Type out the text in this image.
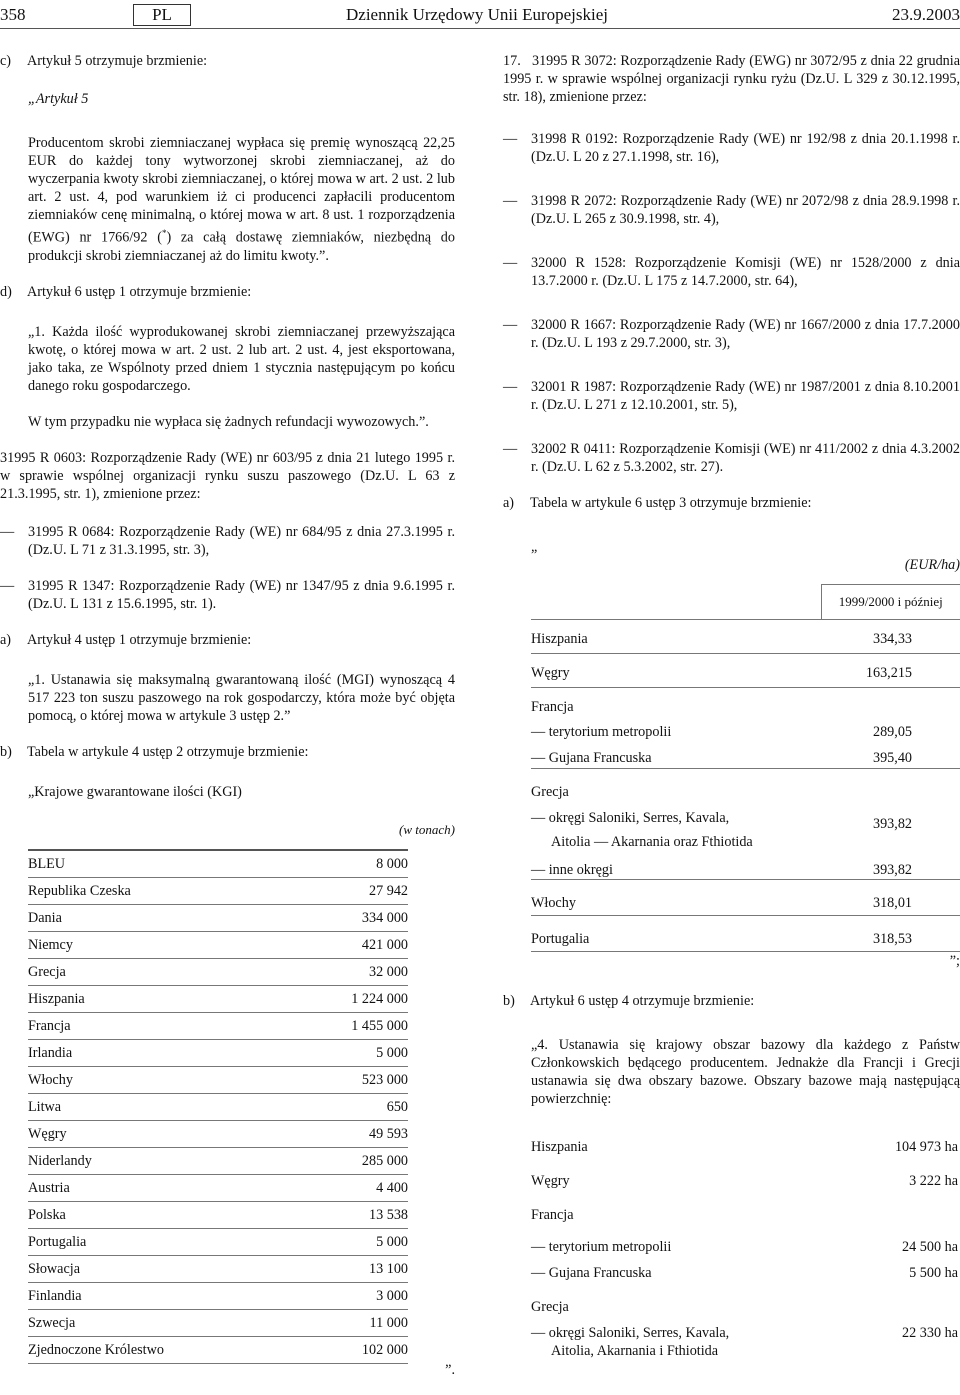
358	PL	Dziennik Urzędowy Unii Europejskiej	23.9.2003

c) Artykuł 5 otrzymuje brzmienie:

„Artykuł 5

Producentom skrobi ziemniaczanej wypłaca się premię wynoszącą 22,25 EUR do każdej tony wytworzonej skrobi ziemniaczanej, aż do wyczerpania kwoty skrobi ziemniaczanej, o której mowa w art. 2 ust. 2 lub art. 2 ust. 4, pod warunkiem iż ci producenci zapłacili producentom ziemniaków cenę minimalną, o której mowa w art. 8 ust. 1 rozporządzenia (EWG) nr 1766/92 (*) za całą dostawę ziemniaków, niezbędną do produkcji skrobi ziemniaczanej aż do limitu kwoty.”.

d) Artykuł 6 ustęp 1 otrzymuje brzmienie:

„1. Każda ilość wyprodukowanej skrobi ziemniaczanej przewyższająca kwotę, o której mowa w art. 2 ust. 2 lub art. 2 ust. 4, jest eksportowana, jako taka, ze Wspólnoty przed dniem 1 stycznia następującym po końcu danego roku gospodarczego.

W tym przypadku nie wypłaca się żadnych refundacji wywozowych.”.

31995 R 0603: Rozporządzenie Rady (WE) nr 603/95 z dnia 21 lutego 1995 r. w sprawie wspólnej organizacji rynku suszu paszowego (Dz.U. L 63 z 21.3.1995, str. 1), zmienione przez:

— 31995 R 0684: Rozporządzenie Rady (WE) nr 684/95 z dnia 27.3.1995 r. (Dz.U. L 71 z 31.3.1995, str. 3),
— 31995 R 1347: Rozporządzenie Rady (WE) nr 1347/95 z dnia 9.6.1995 r. (Dz.U. L 131 z 15.6.1995, str. 1).

a) Artykuł 4 ustęp 1 otrzymuje brzmienie:

„1. Ustanawia się maksymalną gwarantowaną ilość (MGI) wynoszącą 4 517 223 ton suszu paszowego na rok gospodarczy, która może być objęta pomocą, o której mowa w artykule 3 ustęp 2.”

b) Tabela w artykule 4 ustęp 2 otrzymuje brzmienie:

„Krajowe gwarantowane ilości (KGI)

(w tonach)

BLEU	8 000
Republika Czeska	27 942
Dania	334 000
Niemcy	421 000
Grecja	32 000
Hiszpania	1 224 000
Francja	1 455 000
Irlandia	5 000
Włochy	523 000
Litwa	650
Węgry	49 593
Niderlandy	285 000
Austria	4 400
Polska	13 538
Portugalia	5 000
Słowacja	13 100
Finlandia	3 000
Szwecja	11 000
Zjednoczone Królestwo	102 000

”.

17. 31995 R 3072: Rozporządzenie Rady (EWG) nr 3072/95 z dnia 22 grudnia 1995 r. w sprawie wspólnej organizacji rynku ryżu (Dz.U. L 329 z 30.12.1995, str. 18), zmienione przez:

— 31998 R 0192: Rozporządzenie Rady (WE) nr 192/98 z dnia 20.1.1998 r. (Dz.U. L 20 z 27.1.1998, str. 16),
— 31998 R 2072: Rozporządzenie Rady (WE) nr 2072/98 z dnia 28.9.1998 r. (Dz.U. L 265 z 30.9.1998, str. 4),
— 32000 R 1528: Rozporządzenie Komisji (WE) nr 1528/2000 z dnia 13.7.2000 r. (Dz.U. L 175 z 14.7.2000, str. 64),
— 32000 R 1667: Rozporządzenie Rady (WE) nr 1667/2000 z dnia 17.7.2000 r. (Dz.U. L 193 z 29.7.2000, str. 3),
— 32001 R 1987: Rozporządzenie Rady (WE) nr 1987/2001 z dnia 8.10.2001 r. (Dz.U. L 271 z 12.10.2001, str. 5),
— 32002 R 0411: Rozporządzenie Komisji (WE) nr 411/2002 z dnia 4.3.2002 r. (Dz.U. L 62 z 5.3.2002, str. 27).

a) Tabela w artykule 6 ustęp 3 otrzymuje brzmienie:

„

(EUR/ha)

	1999/2000 i później
Hiszpania	334,33
Węgry	163,215
Francja	
— terytorium metropolii	289,05
— Gujana Francuska	395,40
Grecja	
— okręgi Saloniki, Serres, Kavala,	393,82
Aitolia — Akarnania oraz Fthiotida	
— inne okręgi	393,82
Włochy	318,01
Portugalia	318,53

”;

b) Artykuł 6 ustęp 4 otrzymuje brzmienie:

„4. Ustanawia się krajowy obszar bazowy dla każdego z Państw Członkowskich będącego producentem. Jednakże dla Francji i Grecji ustanawia się dwa obszary bazowe. Obszary bazowe mają następującą powierzchnię:

Hiszpania	104 973 ha
Węgry	3 222 ha
Francja	
— terytorium metropolii	24 500 ha
— Gujana Francuska	5 500 ha
Grecja	
— okręgi Saloniki, Serres, Kavala,	22 330 ha
Aitolia, Akarnania i Fthiotida	
